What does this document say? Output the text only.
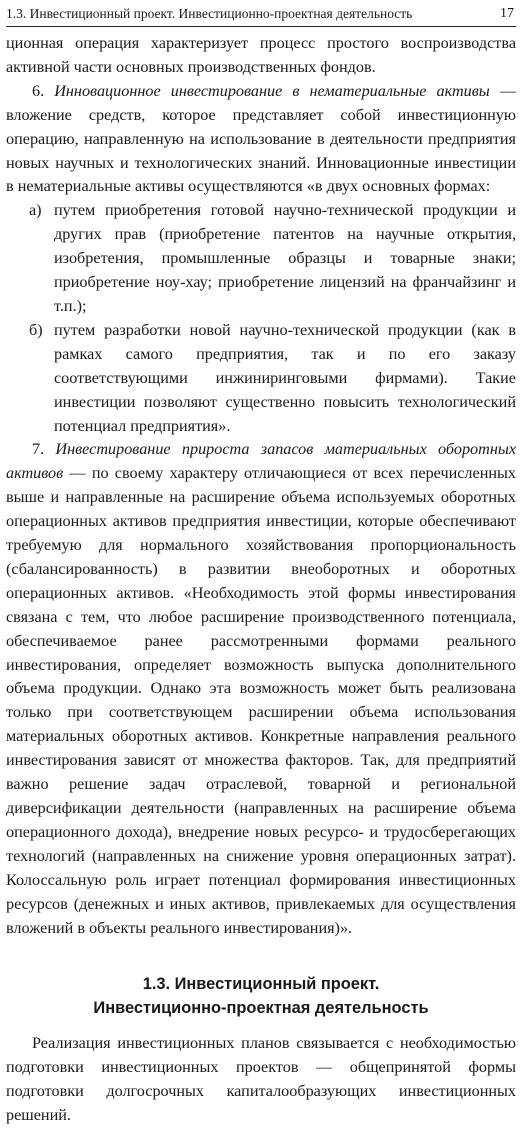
1.3. Инвестиционный проект. Инвестиционно-проектная деятельность	17

ционная операция характеризует процесс простого воспроизводства активной части основных производственных фондов.

6. Инновационное инвестирование в нематериальные активы — вложение средств, которое представляет собой инвестиционную операцию, направленную на использование в деятельности предприятия новых научных и технологических знаний. Инновационные инвестиции в нематериальные активы осуществляются «в двух основных формах:

а) путем приобретения готовой научно-технической продукции и других прав (приобретение патентов на научные открытия, изобретения, промышленные образцы и товарные знаки; приобретение ноу-хау; приобретение лицензий на франчайзинг и т.п.);
б) путем разработки новой научно-технической продукции (как в рамках самого предприятия, так и по его заказу соответствующими инжиниринговыми фирмами). Такие инвестиции позволяют существенно повысить технологический потенциал предприятия».

7. Инвестирование прироста запасов материальных оборотных активов — по своему характеру отличающиеся от всех перечисленных выше и направленные на расширение объема используемых оборотных операционных активов предприятия инвестиции, которые обеспечивают требуемую для нормального хозяйствования пропорциональность (сбалансированность) в развитии внеоборотных и оборотных операционных активов. «Необходимость этой формы инвестирования связана с тем, что любое расширение производственного потенциала, обеспечиваемое ранее рассмотренными формами реального инвестирования, определяет возможность выпуска дополнительного объема продукции. Однако эта возможность может быть реализована только при соответствующем расширении объема использования материальных оборотных активов. Конкретные направления реального инвестирования зависят от множества факторов. Так, для предприятий важно решение задач отраслевой, товарной и региональной диверсификации деятельности (направленных на расширение объема операционного дохода), внедрение новых ресурсо- и трудосберегающих технологий (направленных на снижение уровня операционных затрат). Колоссальную роль играет потенциал формирования инвестиционных ресурсов (денежных и иных активов, привлекаемых для осуществления вложений в объекты реального инвестирования)».

1.3. Инвестиционный проект.
Инвестиционно-проектная деятельность

Реализация инвестиционных планов связывается с необходимостью подготовки инвестиционных проектов — общепринятой формы подготовки долгосрочных капиталообразующих инвестиционных решений.
